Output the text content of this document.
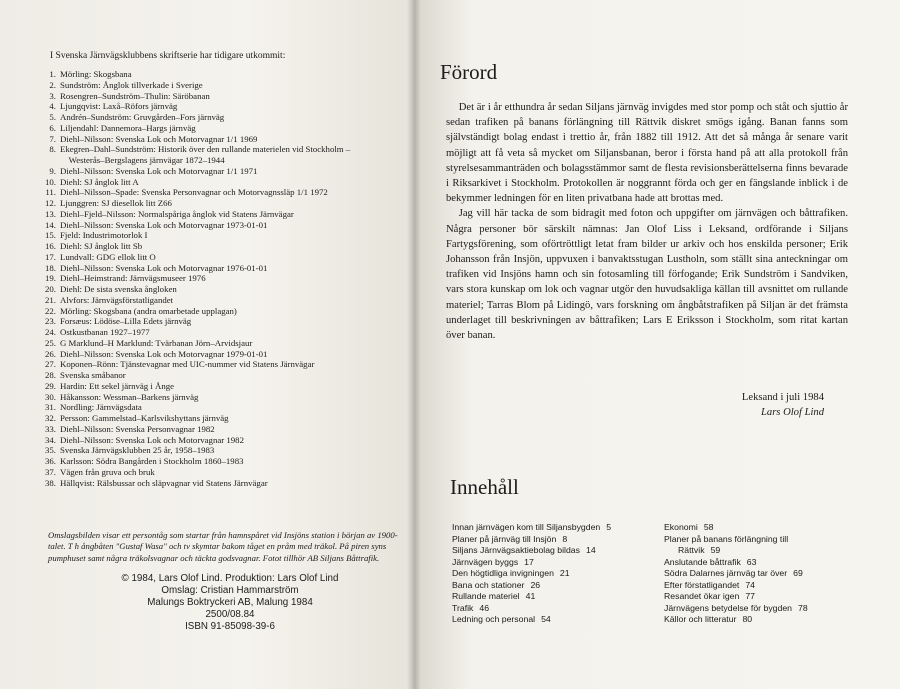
I Svenska Järnvägsklubbens skriftserie har tidigare utkommit:
1. Mörling: Skogsbana
2. Sundström: Ånglok tillverkade i Sverige
3. Rosengren–Sundström–Thulin: Säröbanan
4. Ljungqvist: Laxå–Röfors järnväg
5. Andrén–Sundström: Gruvgården–Fors järnväg
6. Liljendahl: Dannemora–Hargs järnväg
7. Diehl–Nilsson: Svenska Lok och Motorvagnar 1/1 1969
8. Ekegren–Dahl–Sundström: Historik över den rullande materielen vid Stockholm –
Westerås–Bergslagens järnvägar 1872–1944
9. Diehl–Nilsson: Svenska Lok och Motorvagnar 1/1 1971
10. Diehl: SJ ånglok litt A
11. Diehl–Nilsson–Spade: Svenska Personvagnar och Motorvagnssläp 1/1 1972
12. Ljunggren: SJ diesellok litt Z66
13. Diehl–Fjeld–Nilsson: Normalspåriga ånglok vid Statens Järnvägar
14. Diehl–Nilsson: Svenska Lok och Motorvagnar 1973-01-01
15. Fjeld: Industrimotorlok I
16. Diehl: SJ ånglok litt Sb
17. Lundvall: GDG ellok litt O
18. Diehl–Nilsson: Svenska Lok och Motorvagnar 1976-01-01
19. Diehl–Heimstrand: Järnvägsmuseer 1976
20. Diehl: De sista svenska ångloken
21. Alvfors: Järnvägsförstatligandet
22. Mörling: Skogsbana (andra omarbetade upplagan)
23. Forsæus: Lödöse–Lilla Edets järnväg
24. Ostkustbanan 1927–1977
25. G Marklund–H Marklund: Tvärbanan Jörn–Arvidsjaur
26. Diehl–Nilsson: Svenska Lok och Motorvagnar 1979-01-01
27. Koponen–Rönn: Tjänstevagnar med UIC-nummer vid Statens Järnvägar
28. Svenska småbanor
29. Hardin: Ett sekel järnväg i Ånge
30. Håkansson: Wessman–Barkens järnväg
31. Nordling: Järnvägsdata
32. Persson: Gammelstad–Karlsvikshyttans järnväg
33. Diehl–Nilsson: Svenska Personvagnar 1982
34. Diehl–Nilsson: Svenska Lok och Motorvagnar 1982
35. Svenska Järnvägsklubben 25 år, 1958–1983
36. Karlsson: Södra Bangården i Stockholm 1860–1983
37. Vägen från gruva och bruk
38. Hällqvist: Rälsbussar och släpvagnar vid Statens Järnvägar
Omslagsbilden visar ett persontåg som startar från hamnspåret vid Insjöns station i början av 1900-talet. T h ångbåten "Gustaf Wasa" och tv skymtar bakom tåget en pråm med träkol. På piren syns pumphuset samt några träkolsvagnar och täckta godsvagnar. Fotot tillhör AB Siljans Båttrafik.
© 1984, Lars Olof Lind. Produktion: Lars Olof Lind
Omslag: Cristian Hammarström
Malungs Boktryckeri AB, Malung 1984
2500/08.84
ISBN 91-85098-39-6
Förord

Det är i år etthundra år sedan Siljans järnväg invigdes med stor pomp och ståt och sjuttio år sedan trafiken på banans förlängning till Rättvik diskret smögs igång. Banan fanns som självständigt bolag endast i trettio år, från 1882 till 1912. Att det så många år senare varit möjligt att få veta så mycket om Siljansbanan, beror i första hand på att alla protokoll från styrelsesammanträden och bolagsstämmor samt de flesta revisionsberättelserna finns bevarade i Riksarkivet i Stockholm. Protokollen är noggrannt förda och ger en fängslande inblick i de bekymmer ledningen för en liten privatbana hade att brottas med.

Jag vill här tacka de som bidragit med foton och uppgifter om järnvägen och båttrafiken. Några personer bör särskilt nämnas: Jan Olof Liss i Leksand, ordförande i Siljans Fartygsförening, som oförtröttligt letat fram bilder ur arkiv och hos enskilda personer; Erik Johansson från Insjön, uppvuxen i banvaktsstugan Lustholn, som ställt sina anteckningar om trafiken vid Insjöns hamn och sin fotosamling till förfogande; Erik Sundström i Sandviken, vars stora kunskap om lok och vagnar utgör den huvudsakliga källan till avsnittet om rullande materiel; Tarras Blom på Lidingö, vars forskning om ångbåtstrafiken på Siljan är det främsta underlaget till beskrivningen av båttrafiken; Lars E Eriksson i Stockholm, som ritat kartan över banan.

Leksand i juli 1984
Lars Olof Lind
Innehåll
Innan järnvägen kom till Siljansbygden 5
Planer på järnväg till Insjön 8
Siljans Järnvägsaktiebolag bildas 14
Järnvägen byggs 17
Den högtidliga invigningen 21
Bana och stationer 26
Rullande materiel 41
Trafik 46
Ledning och personal 54
Ekonomi 58
Planer på banans förlängning till
Rättvik 59
Anslutande båttrafik 63
Södra Dalarnes järnväg tar över 69
Efter förstatligandet 74
Resandet ökar igen 77
Järnvägens betydelse för bygden 78
Källor och litteratur 80
